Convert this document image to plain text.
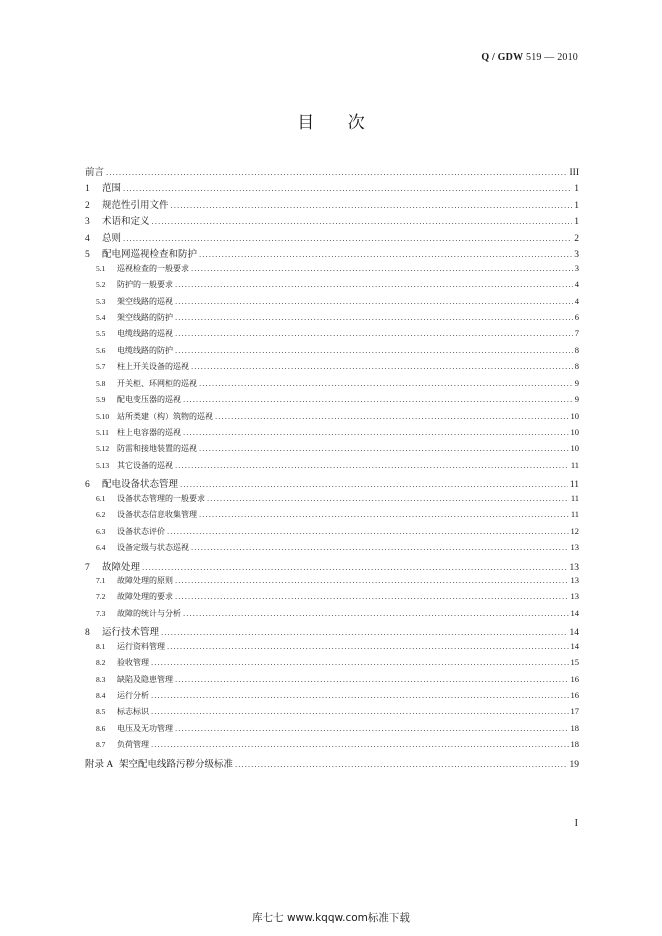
Q / GDW 519 — 2010
目 次
前言 .....	III
1	范围 .....	1
2	规范性引用文件 .....	1
3	术语和定义 .....	1
4	总则 .....	2
5	配电网巡视检查和防护 .....	3
5.1	巡视检查的一般要求 .....	3
5.2	防护的一般要求 .....	4
5.3	架空线路的巡视 .....	4
5.4	架空线路的防护 .....	6
5.5	电缆线路的巡视 .....	7
5.6	电缆线路的防护 .....	8
5.7	柱上开关设备的巡视 .....	8
5.8	开关柜、环网柜的巡视 .....	9
5.9	配电变压器的巡视 .....	9
5.10 站所类建（构）筑物的巡视 .....	10
5.11	柱上电容器的巡视 .....	10
5.12 防雷和接地装置的巡视 .....	10
5.13 其它设备的巡视 .....	11
6	配电设备状态管理 .....	11
6.1	设备状态管理的一般要求 .....	11
6.2	设备状态信息收集管理 .....	11
6.3	设备状态评价 .....	12
6.4	设备定级与状态巡视 .....	13
7	故障处理 .....	13
7.1	故障处理的原则 .....	13
7.2	故障处理的要求 .....	13
7.3	故障的统计与分析 .....	14
8	运行技术管理 .....	14
8.1	运行资料管理 .....	14
8.2	验收管理 .....	15
8.3	缺陷及隐患管理 .....	16
8.4	运行分析 .....	16
8.5	标志标识 .....	17
8.6	电压及无功管理 .....	18
8.7	负荷管理 .....	18
附录 A 架空配电线路污秽分级标准 .....	19
I
库七七 www.kqqw.com标准下载
